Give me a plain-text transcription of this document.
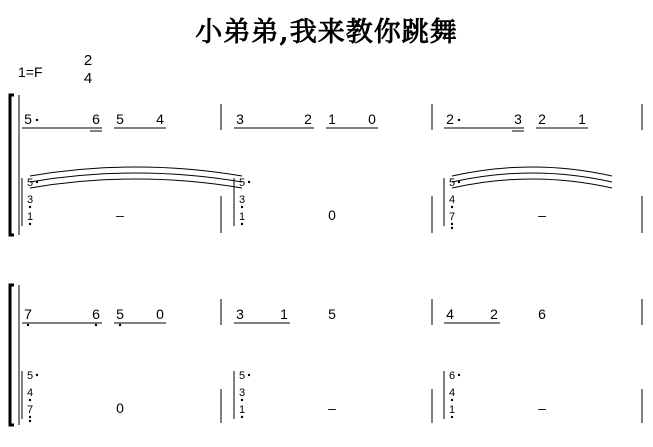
小弟弟,我来教你跳舞
1=F
2
4
5	6 5 4	3	2 1 0	2	3 2 1
5
3
1	–
5
3
1	0
5
4
7	–
7	6 5 0	3	1	5	4	2	6
5
4
7	0
5
3
1	–
6
4
1	–
